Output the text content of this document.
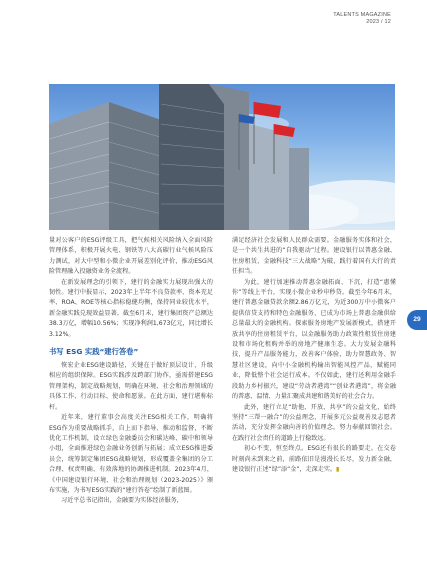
TALENTS MAGAZINE
2023 / 12

量对公客户的ESG评级工具，把气候相关风险纳入全面风险管理体系，积极开展火电、钢铁等八大高碳行业气候风险压力测试，对大中型和小微企业开展差别化评价，推动ESG风险管理融入投融资业务全流程。

在新发展理念的引领下，建行的金融实力展现出强大的韧性。建行中报显示，2023年上半年不良贷款率、资本充足率、ROA、ROE等核心指标稳健均衡，保持同业较优水平，新金融实践兑现效益显著。截至6月末，建行集团资产总额达38.3万亿，增幅10.56%；实现净利润1,673亿元，同比增长3.12%。

书写 ESG 实践“建行答卷”

恢宏企业ESG建设路径，关键在于做好顶层设计，升级相应的组织保障。ESG实践涉及跨部门协作，亟需搭建ESG管理架构，制定战略规划，明确在环境、社会和治理领域的具体工作、行动目标、使命和愿景。在此方面，建行堪称标杆。

近年来，建行董事会高度关注ESG相关工作，明确将ESG作为重要战略抓手，自上而下指导、推动和监督，不断优化工作机制，设立绿色金融委员会和碳达峰、碳中和领导小组，全面推进绿色金融业务创新与拓展；成立ESG推进委员会，统筹制定集团ESG战略规划，形成覆盖全集团的分工合理、权责明确、有效落地的协调推进机制。2023年4月，《中国建设银行环境、社会和治理规划（2023-2025）》颁布实施，为书写ESG实践的“建行答卷”绘制了新蓝图。

习近平总书记指出，金融要为实体经济服务，

满足经济社会发展和人民群众需要。金融服务实体和社会，是一个共生共进的“自我驱动”过程。建设银行以普惠金融、住房租赁、金融科技“三大战略”为破，践行着国有大行的责任担当。

为此，建行加速推动普惠金融拓面、下沉，打造“惠懂你”等线上平台，实现小微企业秒申秒贷。截至今年6月末，建行普惠金融贷款余额2.86万亿元，为近300万中小微客户提供信贷支持和特色金融服务，已成为市场上普惠金融供给总量最大的金融机构。探索服务房地产发展新模式，搭建开放共享的住房租赁平台，以金融服务助力政策性租赁住房建设和市场化租购并举的房地产健康生态。大力发展金融科技，提升产品服务能力，改善客户体验，助力智慧政务、智慧社区建设，向中小金融机构输出智能风控产品，赋能同业，降低整个社会运行成本。不仅如此，建行还利用金融手段助力乡村振兴，建设“劳动者港湾”“创业者港湾”，将金融的普惠、温情、力量汇聚成共建和谐美好的社会合力。

此外，建行立足“助他、开放、共享”的公益文化，始终坚持“三帮一融合”的公益理念，开展多元公益观善及志愿者活动，充分发挥金融向善的价值理念，努力奉献回馈社会。在践行社会责任的道路上行稳致远。

初心不变，恒至终点。ESG还有很长的路要走。在交卷时刻尚未到来之前，前路依旧是漫漫长长尽，发力新金融，建设银行正述“绿”添“金”，走深走实。▮

29
